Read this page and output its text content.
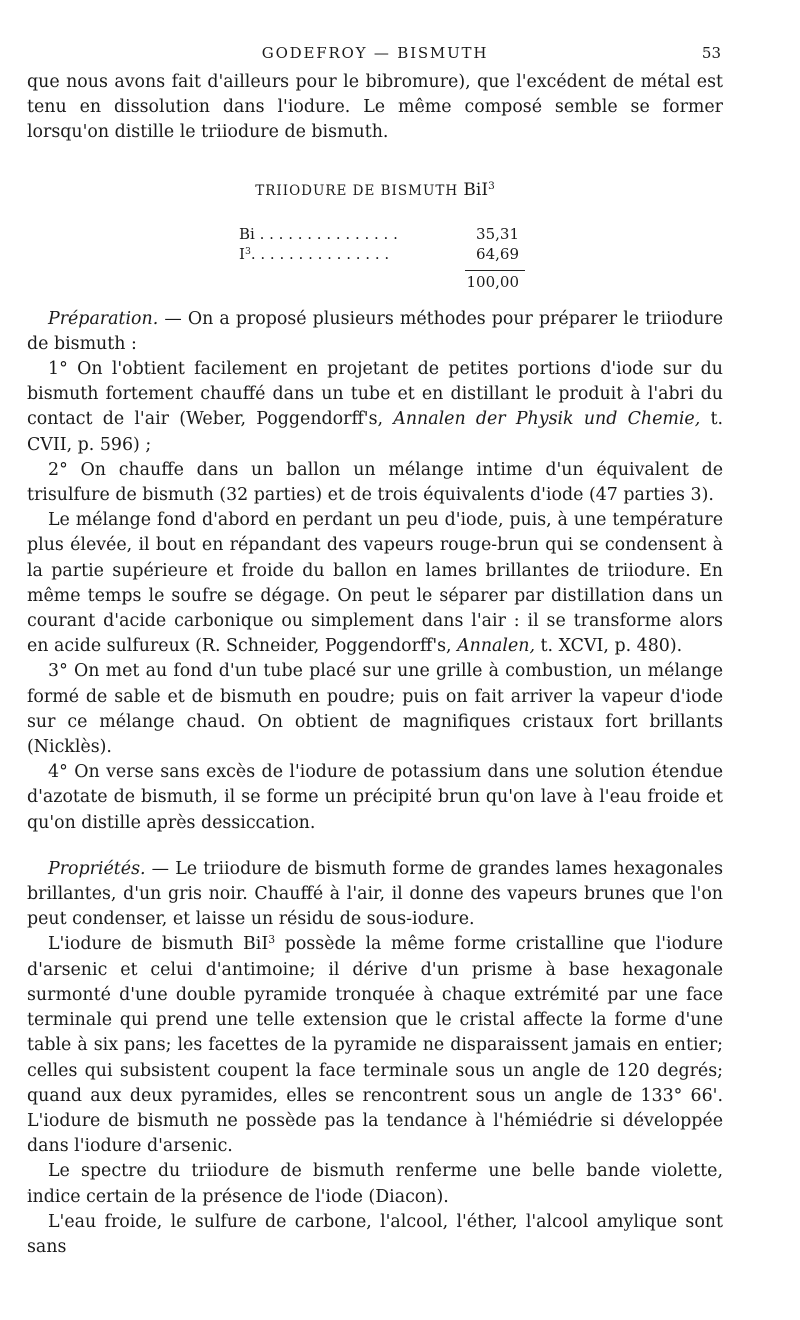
GODEFROY — BISMUTH	53

que nous avons fait d'ailleurs pour le bibromure), que l'excédent de métal est tenu en dissolution dans l'iodure. Le même composé semble se former lorsqu'on distille le triiodure de bismuth.

TRIIODURE DE BISMUTH BiI$^3$
Bi . . . . . . . . . . . . . . .	35,31
$I^3$. . . . . . . . . . . . . . .	64,69
100,00

Préparation. — On a proposé plusieurs méthodes pour préparer le triiodure de bismuth :

1° On l'obtient facilement en projetant de petites portions d'iode sur du bismuth fortement chauffé dans un tube et en distillant le produit à l'abri du contact de l'air (Weber, Poggendorff's, Annalen der Physik und Chemie, t. CVII, p. 596) ;

2° On chauffe dans un ballon un mélange intime d'un équivalent de trisulfure de bismuth (32 parties) et de trois équivalents d'iode (47 parties 3).

Le mélange fond d'abord en perdant un peu d'iode, puis, à une température plus élevée, il bout en répandant des vapeurs rouge-brun qui se condensent à la partie supérieure et froide du ballon en lames brillantes de triiodure. En même temps le soufre se dégage. On peut le séparer par distillation dans un courant d'acide carbonique ou simplement dans l'air : il se transforme alors en acide sulfureux (R. Schneider, Poggendorff's, Annalen, t. XCVI, p. 480).

3° On met au fond d'un tube placé sur une grille à combustion, un mélange formé de sable et de bismuth en poudre; puis on fait arriver la vapeur d'iode sur ce mélange chaud. On obtient de magnifiques cristaux fort brillants (Nicklès).

4° On verse sans excès de l'iodure de potassium dans une solution étendue d'azotate de bismuth, il se forme un précipité brun qu'on lave à l'eau froide et qu'on distille après dessiccation.

Propriétés. — Le triiodure de bismuth forme de grandes lames hexagonales brillantes, d'un gris noir. Chauffé à l'air, il donne des vapeurs brunes que l'on peut condenser, et laisse un résidu de sous-iodure.

L'iodure de bismuth BiI$^3$ possède la même forme cristalline que l'iodure d'arsenic et celui d'antimoine; il dérive d'un prisme à base hexagonale surmonté d'une double pyramide tronquée à chaque extrémité par une face terminale qui prend une telle extension que le cristal affecte la forme d'une table à six pans; les facettes de la pyramide ne disparaissent jamais en entier; celles qui subsistent coupent la face terminale sous un angle de 120 degrés; quand aux deux pyramides, elles se rencontrent sous un angle de 133° 66'. L'iodure de bismuth ne possède pas la tendance à l'hémiédrie si développée dans l'iodure d'arsenic.

Le spectre du triiodure de bismuth renferme une belle bande violette, indice certain de la présence de l'iode (Diacon).

L'eau froide, le sulfure de carbone, l'alcool, l'éther, l'alcool amylique sont sans
